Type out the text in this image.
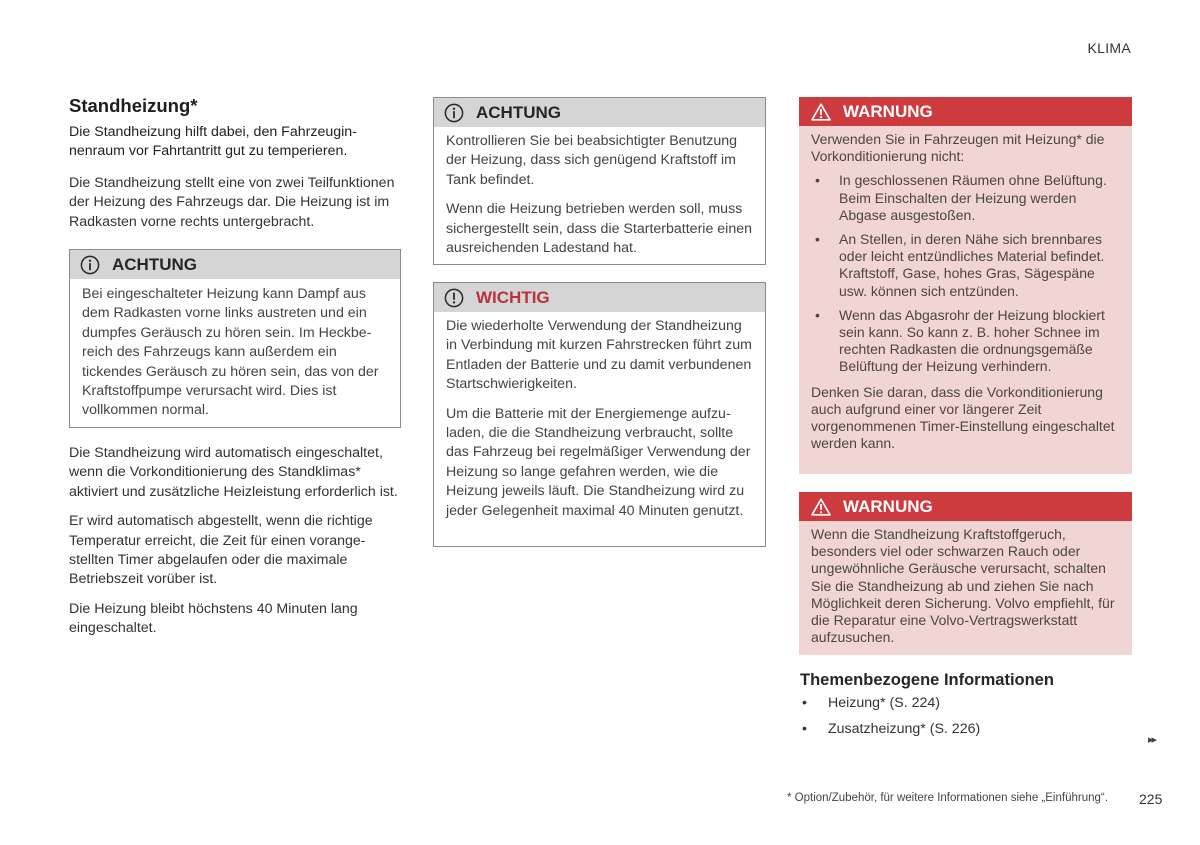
KLIMA
Standheizung*

Die Standheizung hilft dabei, den Fahrzeuginnenraum vor Fahrtantritt gut zu temperieren.

Die Standheizung stellt eine von zwei Teilfunktionen der Heizung des Fahrzeugs dar. Die Heizung ist im Radkasten vorne rechts untergebracht.

ACHTUNG

Bei eingeschalteter Heizung kann Dampf aus dem Radkasten vorne links austreten und ein dumpfes Geräusch zu hören sein. Im Heckbereich des Fahrzeugs kann außerdem ein tickendes Geräusch zu hören sein, das von der Kraftstoffpumpe verursacht wird. Dies ist vollkommen normal.

Die Standheizung wird automatisch eingeschaltet, wenn die Vorkonditionierung des Standklimas* aktiviert und zusätzliche Heizleistung erforderlich ist.

Er wird automatisch abgestellt, wenn die richtige Temperatur erreicht, die Zeit für einen vorangestellten Timer abgelaufen oder die maximale Betriebszeit vorüber ist.

Die Heizung bleibt höchstens 40 Minuten lang eingeschaltet.

ACHTUNG

Kontrollieren Sie bei beabsichtigter Benutzung der Heizung, dass sich genügend Kraftstoff im Tank befindet.

Wenn die Heizung betrieben werden soll, muss sichergestellt sein, dass die Starterbatterie einen ausreichenden Ladestand hat.

WICHTIG

Die wiederholte Verwendung der Standheizung in Verbindung mit kurzen Fahrstrecken führt zum Entladen der Batterie und zu damit verbundenen Startschwierigkeiten.

Um die Batterie mit der Energiemenge aufzuladen, die die Standheizung verbraucht, sollte das Fahrzeug bei regelmäßiger Verwendung der Heizung so lange gefahren werden, wie die Heizung jeweils läuft. Die Standheizung wird zu jeder Gelegenheit maximal 40 Minuten genutzt.

WARNUNG

Verwenden Sie in Fahrzeugen mit Heizung* die Vorkonditionierung nicht:

• In geschlossenen Räumen ohne Belüftung. Beim Einschalten der Heizung werden Abgase ausgestoßen.
• An Stellen, in deren Nähe sich brennbares oder leicht entzündliches Material befindet. Kraftstoff, Gase, hohes Gras, Sägespäne usw. können sich entzünden.
• Wenn das Abgasrohr der Heizung blockiert sein kann. So kann z. B. hoher Schnee im rechten Radkasten die ordnungsgemäße Belüftung der Heizung verhindern.

Denken Sie daran, dass die Vorkonditionierung auch aufgrund einer vor längerer Zeit vorgenommenen Timer-Einstellung eingeschaltet werden kann.

WARNUNG

Wenn die Standheizung Kraftstoffgeruch, besonders viel oder schwarzen Rauch oder ungewöhnliche Geräusche verursacht, schalten Sie die Standheizung ab und ziehen Sie nach Möglichkeit deren Sicherung. Volvo empfiehlt, für die Reparatur eine Volvo-Vertragswerkstatt aufzusuchen.

Themenbezogene Informationen
• Heizung* (S. 224)
• Zusatzheizung* (S. 226)
▸▸
* Option/Zubehör, für weitere Informationen siehe „Einführung“. 225
